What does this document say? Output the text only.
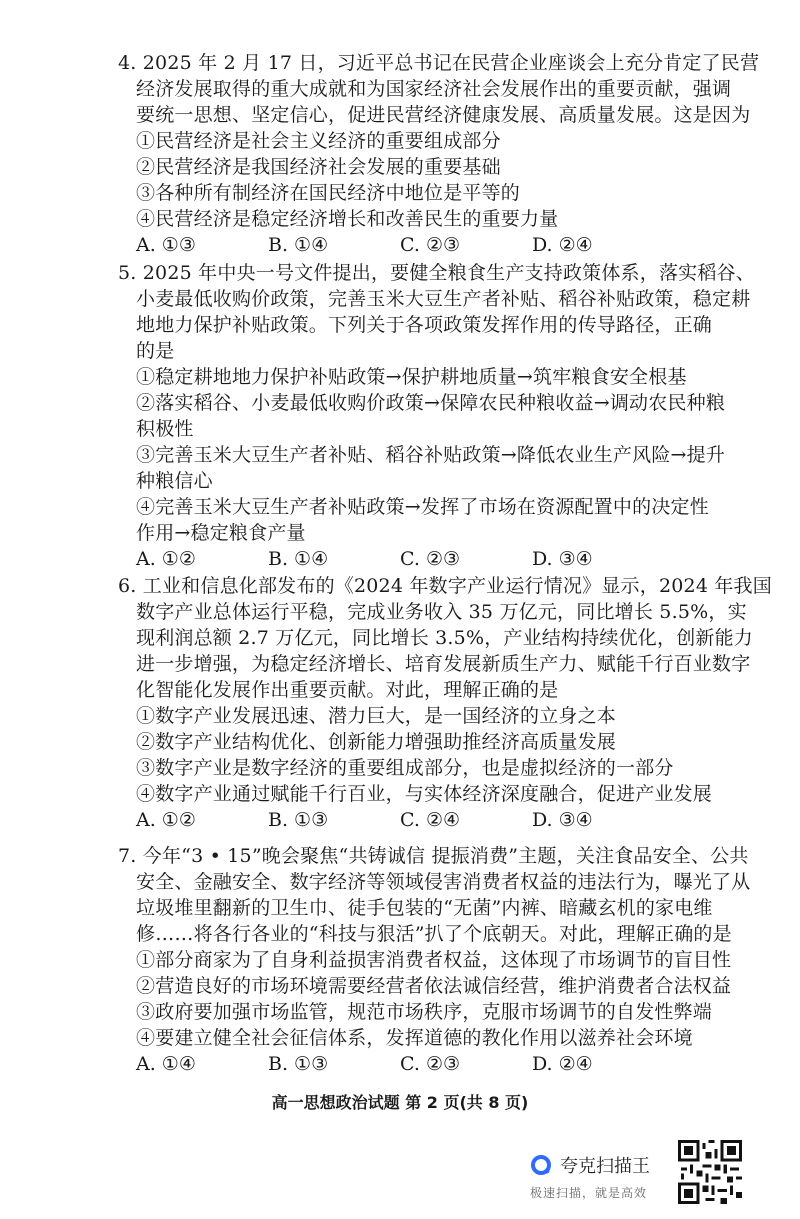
4. 2025 年 2 月 17 日，习近平总书记在民营企业座谈会上充分肯定了民营
经济发展取得的重大成就和为国家经济社会发展作出的重要贡献，强调
要统一思想、坚定信心，促进民营经济健康发展、高质量发展。这是因为
①民营经济是社会主义经济的重要组成部分
②民营经济是我国经济社会发展的重要基础
③各种所有制经济在国民经济中地位是平等的
④民营经济是稳定经济增长和改善民生的重要力量
A. ①③	B. ①④	C. ②③	D. ②④
5. 2025 年中央一号文件提出，要健全粮食生产支持政策体系，落实稻谷、
小麦最低收购价政策，完善玉米大豆生产者补贴、稻谷补贴政策，稳定耕
地地力保护补贴政策。下列关于各项政策发挥作用的传导路径，正确
的是
①稳定耕地地力保护补贴政策→保护耕地质量→筑牢粮食安全根基
②落实稻谷、小麦最低收购价政策→保障农民种粮收益→调动农民种粮
积极性
③完善玉米大豆生产者补贴、稻谷补贴政策→降低农业生产风险→提升
种粮信心
④完善玉米大豆生产者补贴政策→发挥了市场在资源配置中的决定性
作用→稳定粮食产量
A. ①②	B. ①④	C. ②③	D. ③④
6. 工业和信息化部发布的《2024 年数字产业运行情况》显示，2024 年我国
数字产业总体运行平稳，完成业务收入 35 万亿元，同比增长 5.5%，实
现利润总额 2.7 万亿元，同比增长 3.5%，产业结构持续优化，创新能力
进一步增强，为稳定经济增长、培育发展新质生产力、赋能千行百业数字
化智能化发展作出重要贡献。对此，理解正确的是
①数字产业发展迅速、潜力巨大，是一国经济的立身之本
②数字产业结构优化、创新能力增强助推经济高质量发展
③数字产业是数字经济的重要组成部分，也是虚拟经济的一部分
④数字产业通过赋能千行百业，与实体经济深度融合，促进产业发展
A. ①②	B. ①③	C. ②④	D. ③④
7. 今年“3 • 15”晚会聚焦“共铸诚信 提振消费”主题，关注食品安全、公共
安全、金融安全、数字经济等领域侵害消费者权益的违法行为，曝光了从
垃圾堆里翻新的卫生巾、徒手包装的“无菌”内裤、暗藏玄机的家电维
修……将各行各业的“科技与狠活”扒了个底朝天。对此，理解正确的是
①部分商家为了自身利益损害消费者权益，这体现了市场调节的盲目性
②营造良好的市场环境需要经营者依法诚信经营，维护消费者合法权益
③政府要加强市场监管，规范市场秩序，克服市场调节的自发性弊端
④要建立健全社会征信体系，发挥道德的教化作用以滋养社会环境
A. ①④	B. ①③	C. ②③	D. ②④
高一思想政治试题 第 2 页(共 8 页)
夸克扫描王
极速扫描，就是高效
